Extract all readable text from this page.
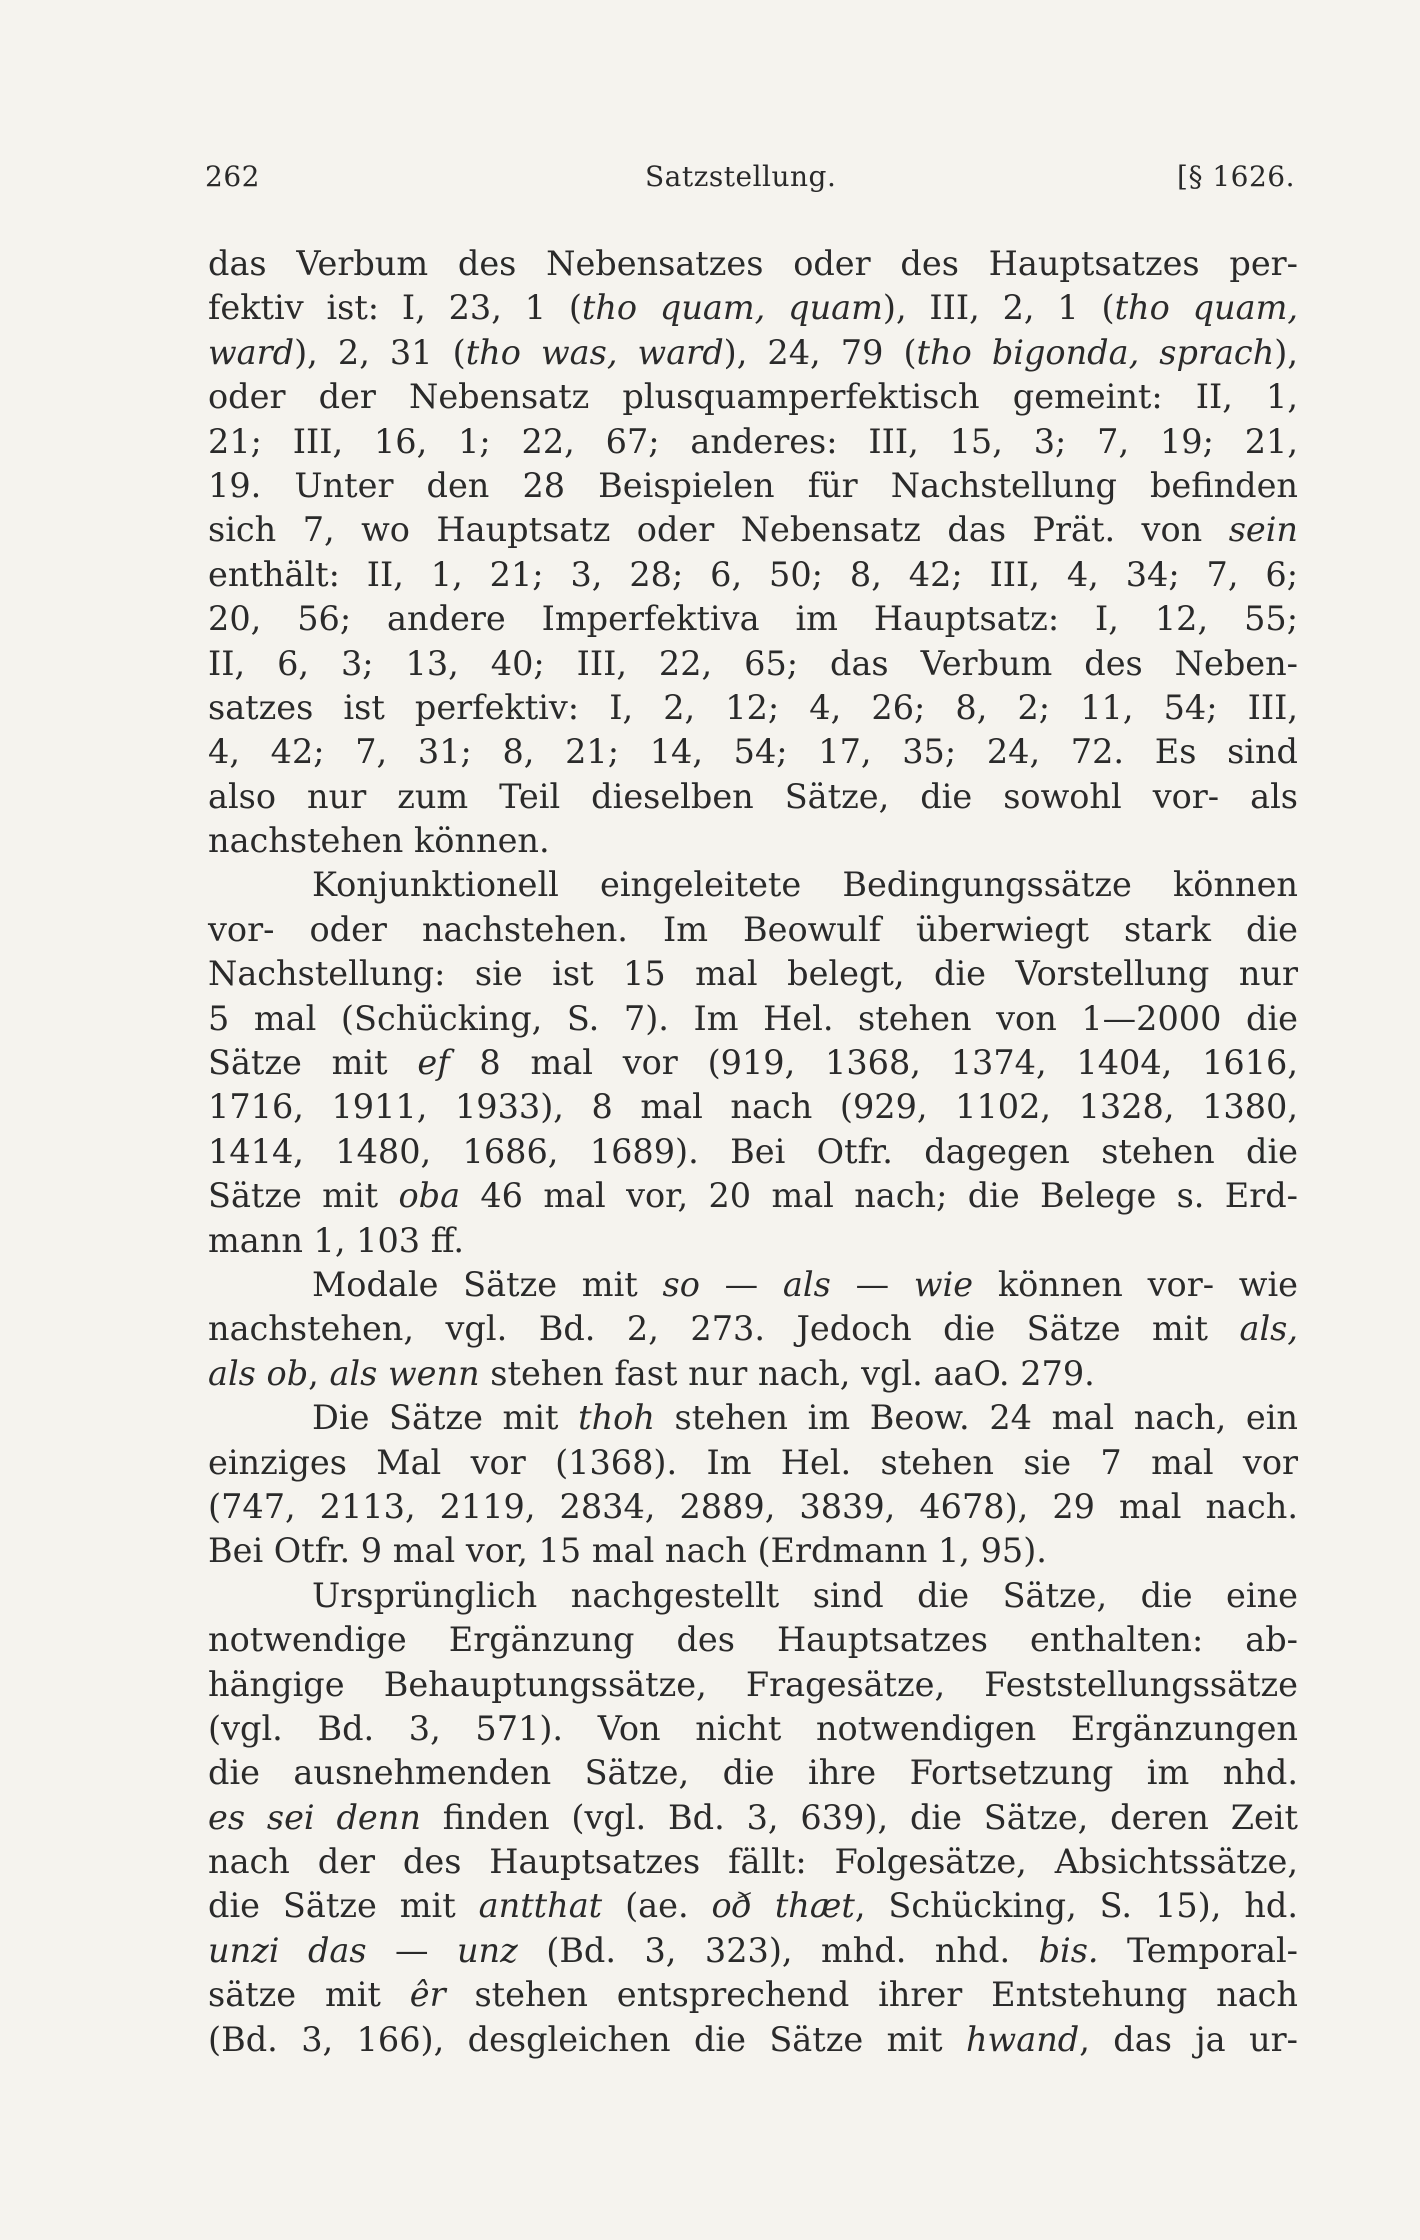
262	Satzstellung.	[§ 1626.
das Verbum des Nebensatzes oder des Hauptsatzes per-
fektiv ist: I, 23, 1 (tho quam, quam), III, 2, 1 (tho quam,
ward), 2, 31 (tho was, ward), 24, 79 (tho bigonda, sprach),
oder der Nebensatz plusquamperfektisch gemeint: II, 1,
21; III, 16, 1; 22, 67; anderes: III, 15, 3; 7, 19; 21,
19. Unter den 28 Beispielen für Nachstellung befinden
sich 7, wo Hauptsatz oder Nebensatz das Prät. von sein
enthält: II, 1, 21; 3, 28; 6, 50; 8, 42; III, 4, 34; 7, 6;
20, 56; andere Imperfektiva im Hauptsatz: I, 12, 55;
II, 6, 3; 13, 40; III, 22, 65; das Verbum des Neben-
satzes ist perfektiv: I, 2, 12; 4, 26; 8, 2; 11, 54; III,
4, 42; 7, 31; 8, 21; 14, 54; 17, 35; 24, 72. Es sind
also nur zum Teil dieselben Sätze, die sowohl vor- als
nachstehen können.
Konjunktionell eingeleitete Bedingungssätze können
vor- oder nachstehen. Im Beowulf überwiegt stark die
Nachstellung: sie ist 15 mal belegt, die Vorstellung nur
5 mal (Schücking, S. 7). Im Hel. stehen von 1—2000 die
Sätze mit ef 8 mal vor (919, 1368, 1374, 1404, 1616,
1716, 1911, 1933), 8 mal nach (929, 1102, 1328, 1380,
1414, 1480, 1686, 1689). Bei Otfr. dagegen stehen die
Sätze mit oba 46 mal vor, 20 mal nach; die Belege s. Erd-
mann 1, 103 ff.
Modale Sätze mit so — als — wie können vor- wie
nachstehen, vgl. Bd. 2, 273. Jedoch die Sätze mit als,
als ob, als wenn stehen fast nur nach, vgl. aaO. 279.
Die Sätze mit thoh stehen im Beow. 24 mal nach, ein
einziges Mal vor (1368). Im Hel. stehen sie 7 mal vor
(747, 2113, 2119, 2834, 2889, 3839, 4678), 29 mal nach.
Bei Otfr. 9 mal vor, 15 mal nach (Erdmann 1, 95).
Ursprünglich nachgestellt sind die Sätze, die eine
notwendige Ergänzung des Hauptsatzes enthalten: ab-
hängige Behauptungssätze, Fragesätze, Feststellungssätze
(vgl. Bd. 3, 571). Von nicht notwendigen Ergänzungen
die ausnehmenden Sätze, die ihre Fortsetzung im nhd.
es sei denn finden (vgl. Bd. 3, 639), die Sätze, deren Zeit
nach der des Hauptsatzes fällt: Folgesätze, Absichtssätze,
die Sätze mit antthat (ae. oð thæt, Schücking, S. 15), hd.
unzi das — unz (Bd. 3, 323), mhd. nhd. bis. Temporal-
sätze mit êr stehen entsprechend ihrer Entstehung nach
(Bd. 3, 166), desgleichen die Sätze mit hwand, das ja ur-
